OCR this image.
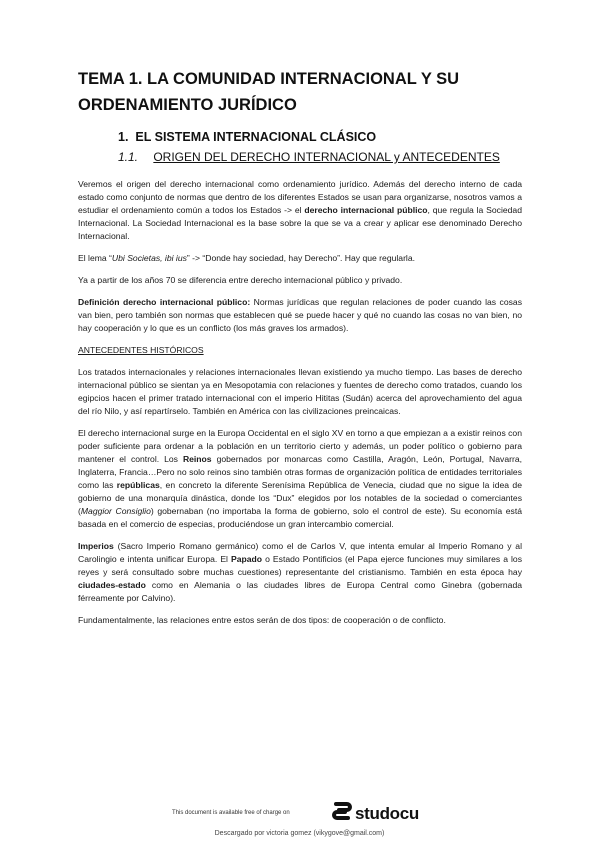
TEMA 1. LA COMUNIDAD INTERNACIONAL Y SU ORDENAMIENTO JURÍDICO
1. EL SISTEMA INTERNACIONAL CLÁSICO
1.1. ORIGEN DEL DERECHO INTERNACIONAL y ANTECEDENTES

Veremos el origen del derecho internacional como ordenamiento jurídico. Además del derecho interno de cada estado como conjunto de normas que dentro de los diferentes Estados se usan para organizarse, nosotros vamos a estudiar el ordenamiento común a todos los Estados -> el derecho internacional público, que regula la Sociedad Internacional. La Sociedad Internacional es la base sobre la que se va a crear y aplicar ese denominado Derecho Internacional.

El lema “Ubi Societas, ibi ius” -> “Donde hay sociedad, hay Derecho”. Hay que regularla.

Ya a partir de los años 70 se diferencia entre derecho internacional público y privado.

Definición derecho internacional público: Normas jurídicas que regulan relaciones de poder cuando las cosas van bien, pero también son normas que establecen qué se puede hacer y qué no cuando las cosas no van bien, no hay cooperación y lo que es un conflicto (los más graves los armados).

ANTECEDENTES HISTÓRICOS

Los tratados internacionales y relaciones internacionales llevan existiendo ya mucho tiempo. Las bases de derecho internacional público se sientan ya en Mesopotamia con relaciones y fuentes de derecho como tratados, cuando los egipcios hacen el primer tratado internacional con el imperio Hititas (Sudán) acerca del aprovechamiento del agua del río Nilo, y así repartírselo. También en América con las civilizaciones preincaicas.

El derecho internacional surge en la Europa Occidental en el siglo XV en torno a que empiezan a a existir reinos con poder suficiente para ordenar a la población en un territorio cierto y además, un poder político o gobierno para mantener el control. Los Reinos gobernados por monarcas como Castilla, Aragón, León, Portugal, Navarra, Inglaterra, Francia…Pero no solo reinos sino también otras formas de organización política de entidades territoriales como las repúblicas, en concreto la diferente Serenísima República de Venecia, ciudad que no sigue la idea de gobierno de una monarquía dinástica, donde los “Dux” elegidos por los notables de la sociedad o comerciantes (Maggior Consiglio) gobernaban (no importaba la forma de gobierno, solo el control de este). Su economía está basada en el comercio de especias, produciéndose un gran intercambio comercial.

Imperios (Sacro Imperio Romano germánico) como el de Carlos V, que intenta emular al Imperio Romano y al Carolingio e intenta unificar Europa. El Papado o Estado Pontificios (el Papa ejerce funciones muy similares a los reyes y será consultado sobre muchas cuestiones) representante del cristianismo. También en esta época hay ciudades-estado como en Alemania o las ciudades libres de Europa Central como Ginebra (gobernada férreamente por Calvino).

Fundamentalmente, las relaciones entre estos serán de dos tipos: de cooperación o de conflicto.

This document is available free of charge on	studocu
Descargado por victoria gomez (vikygove@gmail.com)
